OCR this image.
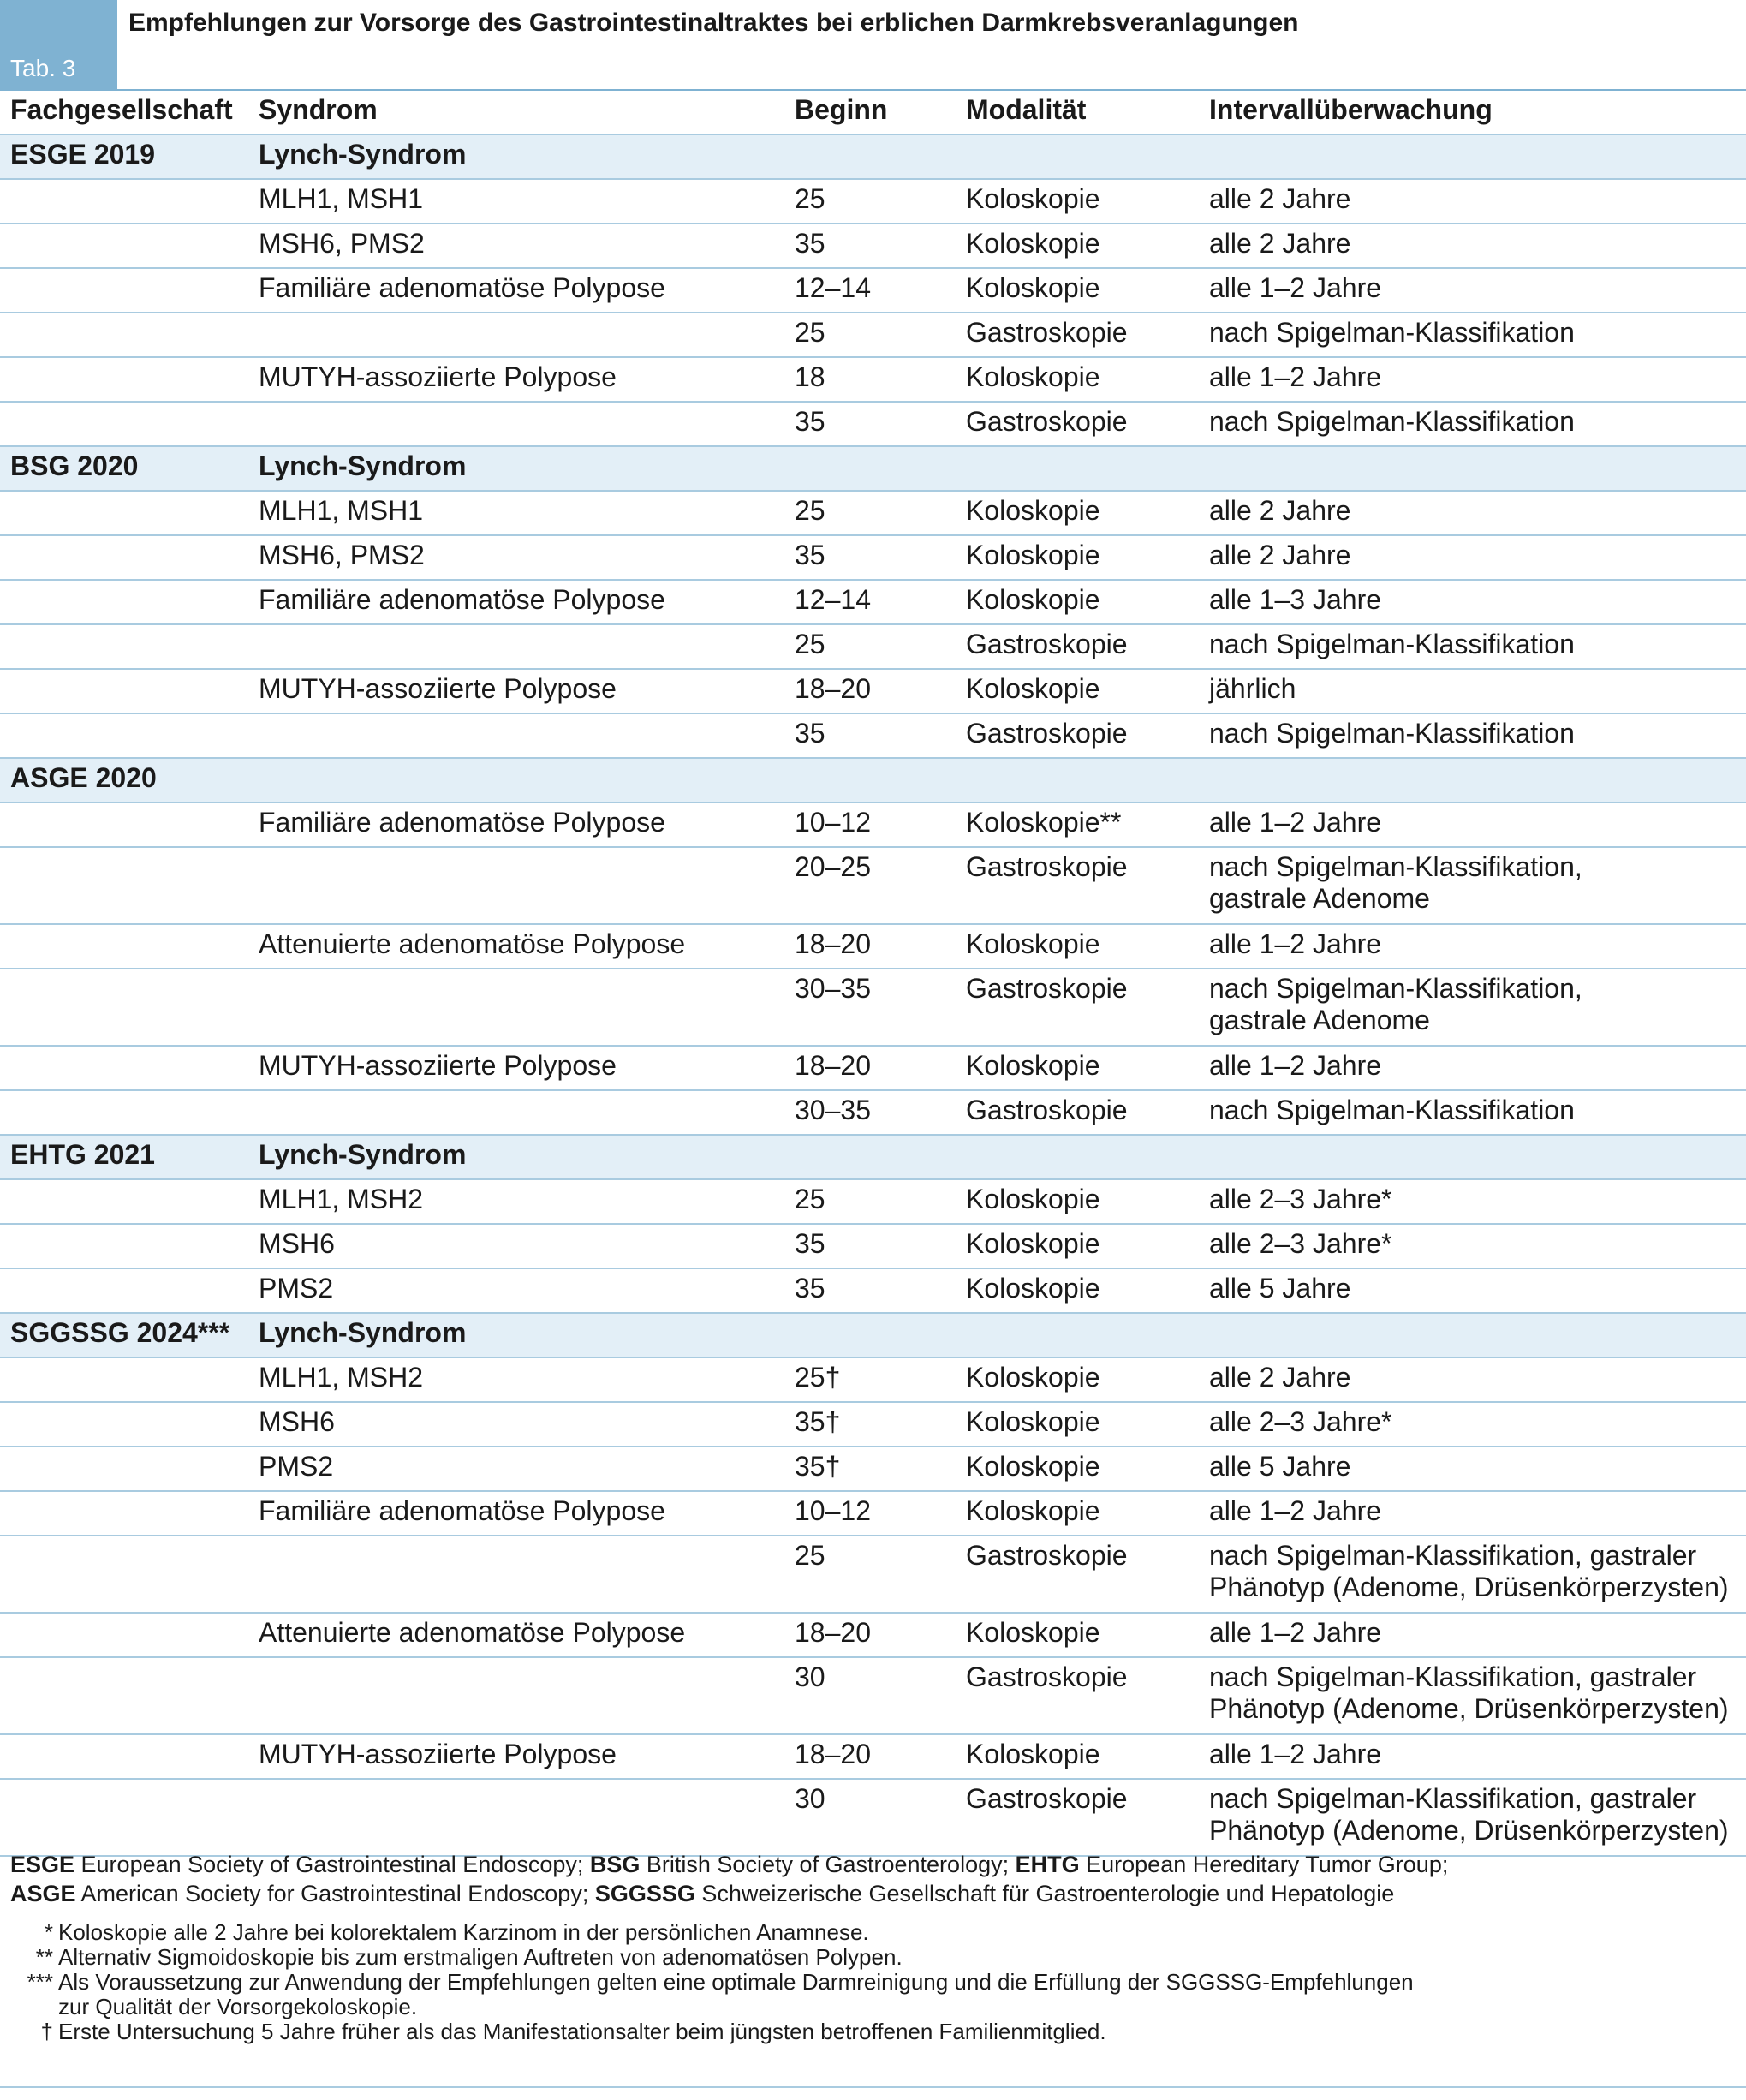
Tab. 3
Empfehlungen zur Vorsorge des Gastrointestinaltraktes bei erblichen Darmkrebsveranlagungen
Fachgesellschaft	Syndrom	Beginn	Modalität	Intervallüberwachung
ESGE 2019	Lynch-Syndrom			
	MLH1, MSH1	25	Koloskopie	alle 2 Jahre
	MSH6, PMS2	35	Koloskopie	alle 2 Jahre
	Familiäre adenomatöse Polypose	12–14	Koloskopie	alle 1–2 Jahre
		25	Gastroskopie	nach Spigelman-Klassifikation
	MUTYH-assoziierte Polypose	18	Koloskopie	alle 1–2 Jahre
		35	Gastroskopie	nach Spigelman-Klassifikation
BSG 2020	Lynch-Syndrom			
	MLH1, MSH1	25	Koloskopie	alle 2 Jahre
	MSH6, PMS2	35	Koloskopie	alle 2 Jahre
	Familiäre adenomatöse Polypose	12–14	Koloskopie	alle 1–3 Jahre
		25	Gastroskopie	nach Spigelman-Klassifikation
	MUTYH-assoziierte Polypose	18–20	Koloskopie	jährlich
		35	Gastroskopie	nach Spigelman-Klassifikation
ASGE 2020				
	Familiäre adenomatöse Polypose	10–12	Koloskopie**	alle 1–2 Jahre
		20–25	Gastroskopie	nach Spigelman-Klassifikation,
gastrale Adenome
	Attenuierte adenomatöse Polypose	18–20	Koloskopie	alle 1–2 Jahre
		30–35	Gastroskopie	nach Spigelman-Klassifikation,
gastrale Adenome
	MUTYH-assoziierte Polypose	18–20	Koloskopie	alle 1–2 Jahre
		30–35	Gastroskopie	nach Spigelman-Klassifikation
EHTG 2021	Lynch-Syndrom			
	MLH1, MSH2	25	Koloskopie	alle 2–3 Jahre*
	MSH6	35	Koloskopie	alle 2–3 Jahre*
	PMS2	35	Koloskopie	alle 5 Jahre
SGGSSG 2024***	Lynch-Syndrom			
	MLH1, MSH2	25†	Koloskopie	alle 2 Jahre
	MSH6	35†	Koloskopie	alle 2–3 Jahre*
	PMS2	35†	Koloskopie	alle 5 Jahre
	Familiäre adenomatöse Polypose	10–12	Koloskopie	alle 1–2 Jahre
		25	Gastroskopie	nach Spigelman-Klassifikation, gastraler
Phänotyp (Adenome, Drüsenkörperzysten)
	Attenuierte adenomatöse Polypose	18–20	Koloskopie	alle 1–2 Jahre
		30	Gastroskopie	nach Spigelman-Klassifikation, gastraler
Phänotyp (Adenome, Drüsenkörperzysten)
	MUTYH-assoziierte Polypose	18–20	Koloskopie	alle 1–2 Jahre
		30	Gastroskopie	nach Spigelman-Klassifikation, gastraler
Phänotyp (Adenome, Drüsenkörperzysten)
ESGE European Society of Gastrointestinal Endoscopy; BSG British Society of Gastroenterology; EHTG European Hereditary Tumor Group;
ASGE American Society for Gastrointestinal Endoscopy; SGGSSG Schweizerische Gesellschaft für Gastroenterologie und Hepatologie
* Koloskopie alle 2 Jahre bei kolorektalem Karzinom in der persönlichen Anamnese.
** Alternativ Sigmoidoskopie bis zum erstmaligen Auftreten von adenomatösen Polypen.
*** Als Voraussetzung zur Anwendung der Empfehlungen gelten eine optimale Darmreinigung und die Erfüllung der SGGSSG-Empfehlungen
zur Qualität der Vorsorgekoloskopie.
† Erste Untersuchung 5 Jahre früher als das Manifestationsalter beim jüngsten betroffenen Familienmitglied.
